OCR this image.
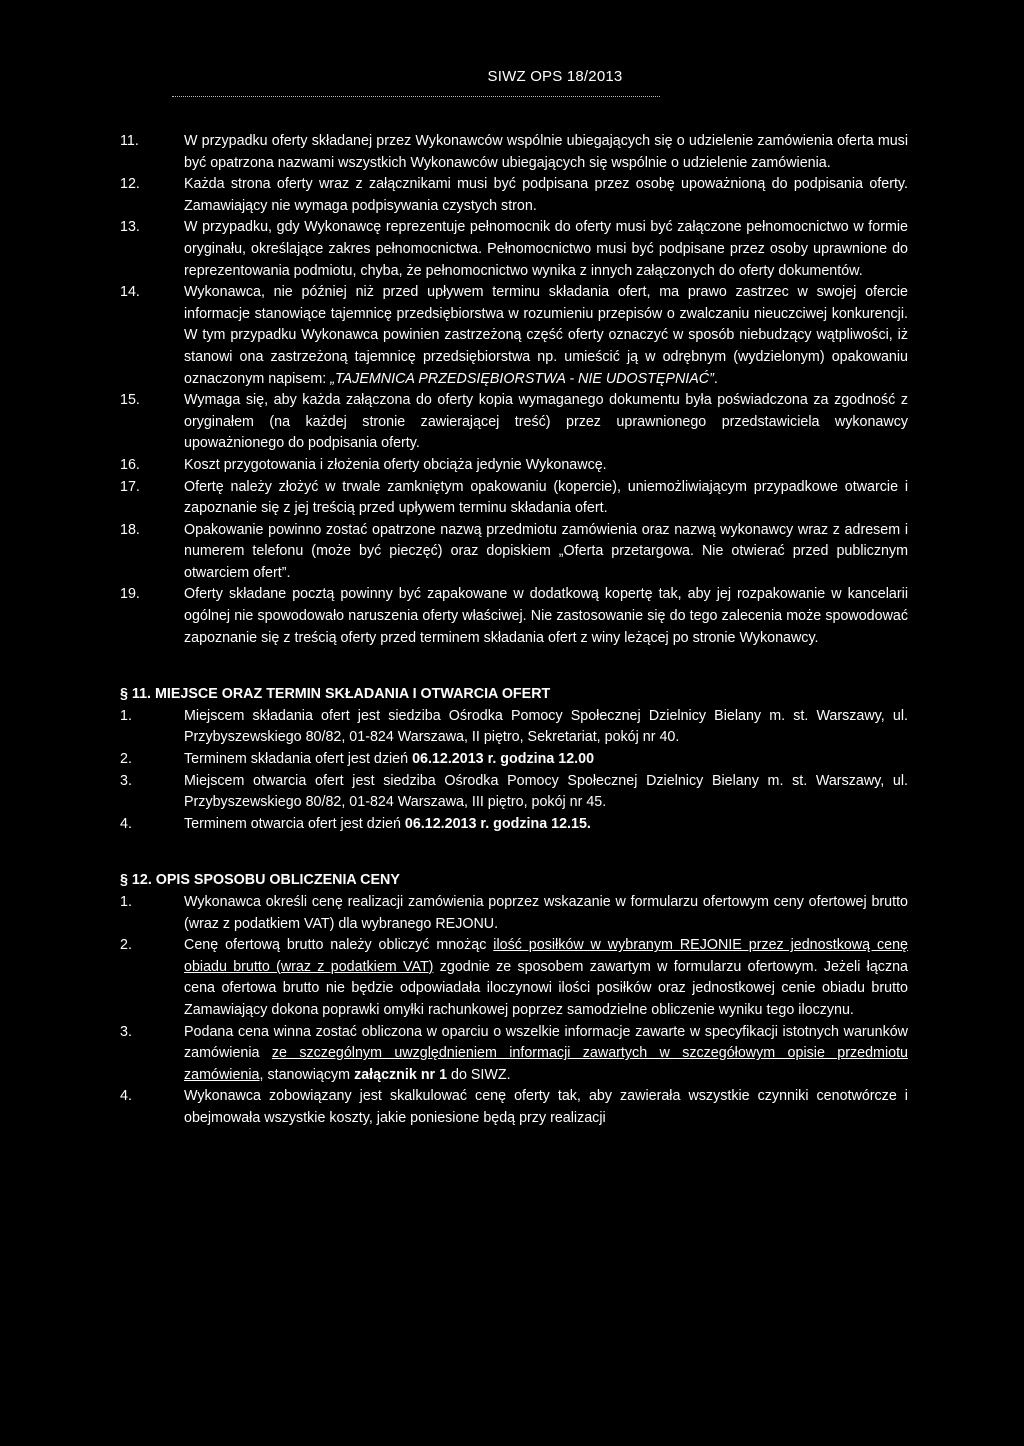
SIWZ OPS 18/2013
11.	W przypadku oferty składanej przez Wykonawców wspólnie ubiegających się o udzielenie zamówienia oferta musi być opatrzona nazwami wszystkich Wykonawców ubiegających się wspólnie o udzielenie zamówienia.
12.	Każda strona oferty wraz z załącznikami musi być podpisana przez osobę upoważnioną do podpisania oferty. Zamawiający nie wymaga podpisywania czystych stron.
13.	W przypadku, gdy Wykonawcę reprezentuje pełnomocnik do oferty musi być załączone pełnomocnictwo w formie oryginału, określające zakres pełnomocnictwa. Pełnomocnictwo musi być podpisane przez osoby uprawnione do reprezentowania podmiotu, chyba, że pełnomocnictwo wynika z innych załączonych do oferty dokumentów.
14.	Wykonawca, nie później niż przed upływem terminu składania ofert, ma prawo zastrzec w swojej ofercie informacje stanowiące tajemnicę przedsiębiorstwa w rozumieniu przepisów o zwalczaniu nieuczciwej konkurencji. W tym przypadku Wykonawca powinien zastrzeżoną część oferty oznaczyć w sposób niebudzący wątpliwości, iż stanowi ona zastrzeżoną tajemnicę przedsiębiorstwa np. umieścić ją w odrębnym (wydzielonym) opakowaniu oznaczonym napisem: „TAJEMNICA PRZEDSIĘBIORSTWA - NIE UDOSTĘPNIAĆ”.
15.	Wymaga się, aby każda załączona do oferty kopia wymaganego dokumentu była poświadczona za zgodność z oryginałem (na każdej stronie zawierającej treść) przez uprawnionego przedstawiciela wykonawcy upoważnionego do podpisania oferty.
16.	Koszt przygotowania i złożenia oferty obciąża jedynie Wykonawcę.
17.	Ofertę należy złożyć w trwale zamkniętym opakowaniu (kopercie), uniemożliwiającym przypadkowe otwarcie i zapoznanie się z jej treścią przed upływem terminu składania ofert.
18.	Opakowanie powinno zostać opatrzone nazwą przedmiotu zamówienia oraz nazwą wykonawcy wraz z adresem i numerem telefonu (może być pieczęć) oraz dopiskiem „Oferta przetargowa. Nie otwierać przed publicznym otwarciem ofert”.
19.	Oferty składane pocztą powinny być zapakowane w dodatkową kopertę tak, aby jej rozpakowanie w kancelarii ogólnej nie spowodowało naruszenia oferty właściwej. Nie zastosowanie się do tego zalecenia może spowodować zapoznanie się z treścią oferty przed terminem składania ofert z winy leżącej po stronie Wykonawcy.
§ 11. MIEJSCE ORAZ TERMIN SKŁADANIA I OTWARCIA OFERT
1.	Miejscem składania ofert jest siedziba Ośrodka Pomocy Społecznej Dzielnicy Bielany m. st. Warszawy, ul. Przybyszewskiego 80/82, 01-824 Warszawa, II piętro, Sekretariat, pokój nr 40.
2.	Terminem składania ofert jest dzień 06.12.2013 r. godzina 12.00
3.	Miejscem otwarcia ofert jest siedziba Ośrodka Pomocy Społecznej Dzielnicy Bielany m. st. Warszawy, ul. Przybyszewskiego 80/82, 01-824 Warszawa, III piętro, pokój nr 45.
4.	Terminem otwarcia ofert jest dzień 06.12.2013 r. godzina 12.15.
§ 12. OPIS SPOSOBU OBLICZENIA CENY
1.	Wykonawca określi cenę realizacji zamówienia poprzez wskazanie w formularzu ofertowym ceny ofertowej brutto (wraz z podatkiem VAT) dla wybranego REJONU.
2.	Cenę ofertową brutto należy obliczyć mnożąc ilość posiłków w wybranym REJONIE przez jednostkową cenę obiadu brutto (wraz z podatkiem VAT) zgodnie ze sposobem zawartym w formularzu ofertowym. Jeżeli łączna cena ofertowa brutto nie będzie odpowiadała iloczynowi ilości posiłków oraz jednostkowej cenie obiadu brutto Zamawiający dokona poprawki omyłki rachunkowej poprzez samodzielne obliczenie wyniku tego iloczynu.
3.	Podana cena winna zostać obliczona w oparciu o wszelkie informacje zawarte w specyfikacji istotnych warunków zamówienia ze szczególnym uwzględnieniem informacji zawartych w szczegółowym opisie przedmiotu zamówienia, stanowiącym załącznik nr 1 do SIWZ.
4.	Wykonawca zobowiązany jest skalkulować cenę oferty tak, aby zawierała wszystkie czynniki cenotwórcze i obejmowała wszystkie koszty, jakie poniesione będą przy realizacji
